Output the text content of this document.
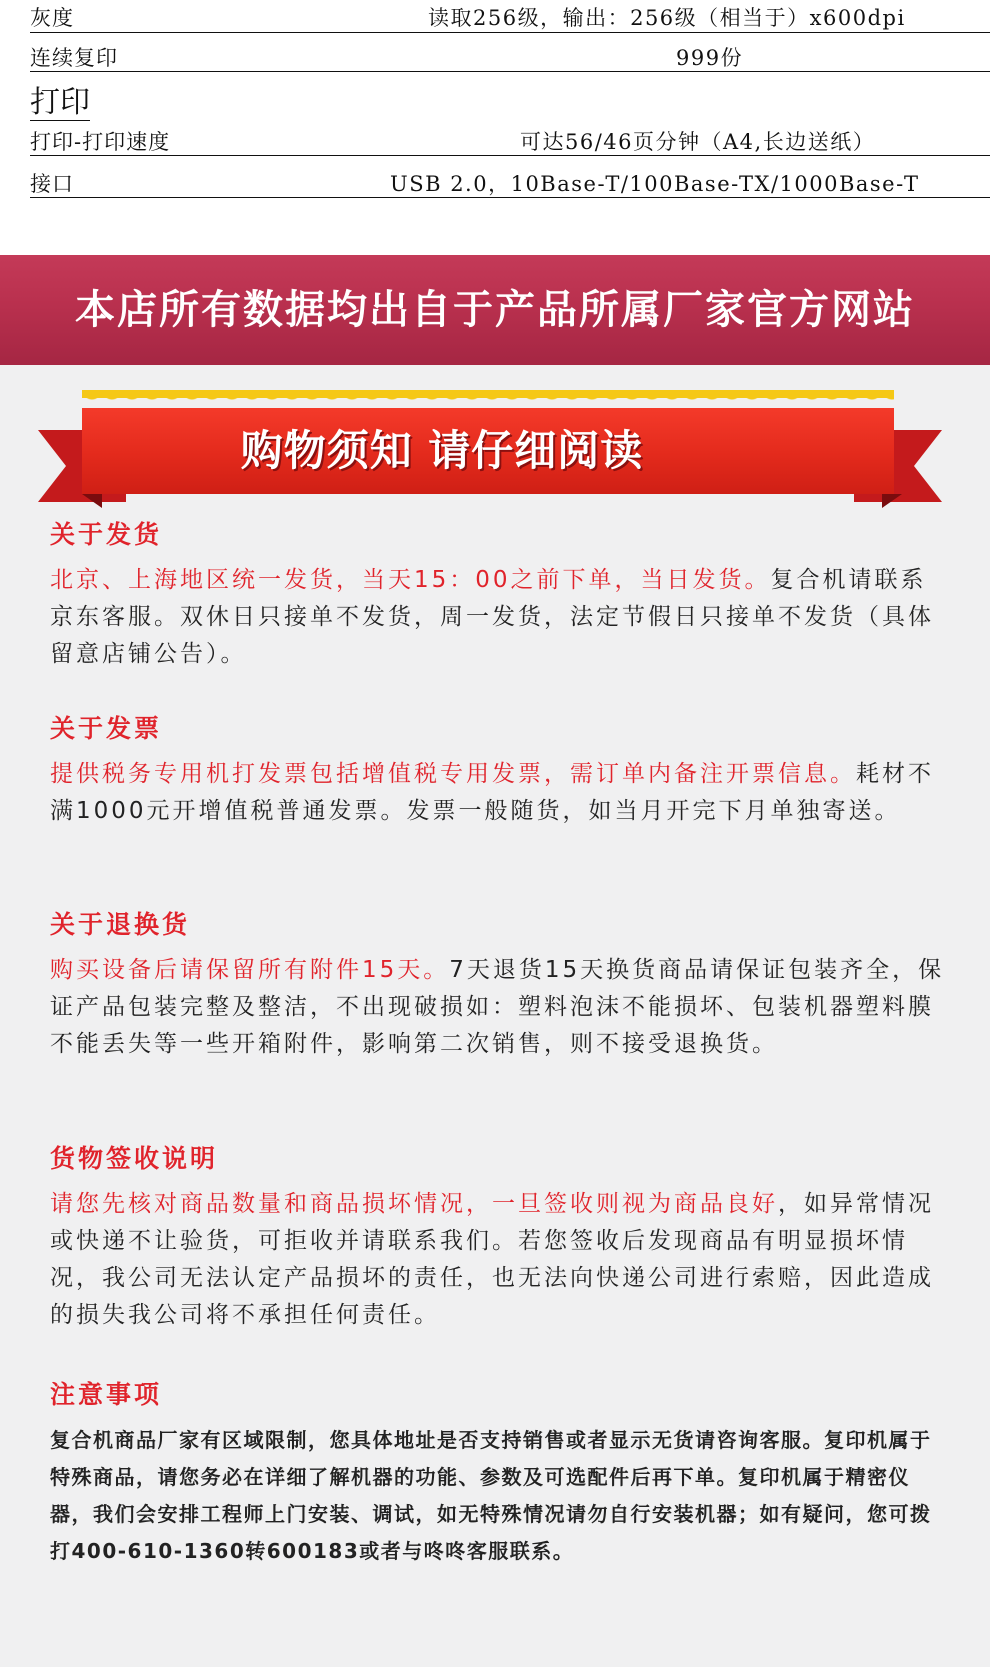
灰度	读取256级，输出：256级（相当于）x600dpi
连续复印	999份
打印
打印-打印速度	可达56/46页分钟（A4,长边送纸）
接口	USB 2.0，10Base-T/100Base-TX/1000Base-T
本店所有数据均出自于产品所属厂家官方网站
购物须知 请仔细阅读
关于发货
北京、上海地区统一发货，当天15：00之前下单，当日发货。复合机请联系京东客服。双休日只接单不发货，周一发货，法定节假日只接单不发货（具体留意店铺公告）。
关于发票
提供税务专用机打发票包括增值税专用发票，需订单内备注开票信息。耗材不满1000元开增值税普通发票。发票一般随货，如当月开完下月单独寄送。
关于退换货
购买设备后请保留所有附件15天。7天退货15天换货商品请保证包装齐全，保证产品包装完整及整洁，不出现破损如：塑料泡沫不能损坏、包装机器塑料膜不能丢失等一些开箱附件，影响第二次销售，则不接受退换货。
货物签收说明
请您先核对商品数量和商品损坏情况，一旦签收则视为商品良好，如异常情况或快递不让验货，可拒收并请联系我们。若您签收后发现商品有明显损坏情况，我公司无法认定产品损坏的责任，也无法向快递公司进行索赔，因此造成的损失我公司将不承担任何责任。
注意事项
复合机商品厂家有区域限制，您具体地址是否支持销售或者显示无货请咨询客服。复印机属于特殊商品，请您务必在详细了解机器的功能、参数及可选配件后再下单。复印机属于精密仪器，我们会安排工程师上门安装、调试，如无特殊情况请勿自行安装机器；如有疑问，您可拨打400-610-1360转600183或者与咚咚客服联系。
